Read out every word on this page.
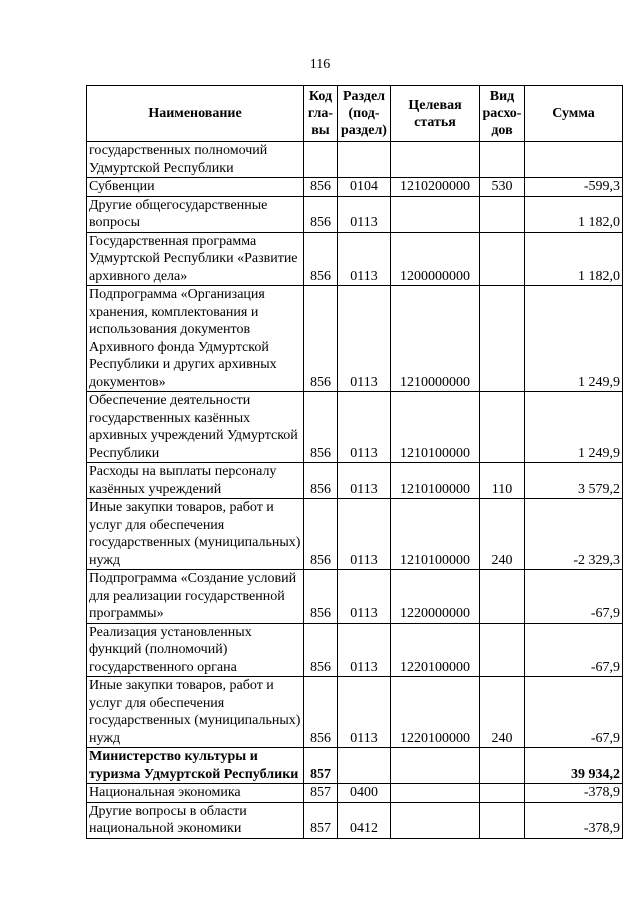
116
Наименование	Код гла- вы	Раздел (под- раздел)	Целевая статья	Вид расхо- дов	Сумма
государственных полномочий Удмуртской Республики					
Субвенции	856	0104	1210200000	530	-599,3
Другие общегосударственные вопросы	856	0113			1 182,0
Государственная программа Удмуртской Республики «Развитие архивного дела»	856	0113	1200000000		1 182,0
Подпрограмма «Организация хранения, комплектования и использования документов Архивного фонда Удмуртской Республики и других архивных документов»	856	0113	1210000000		1 249,9
Обеспечение деятельности государственных казённых архивных учреждений Удмуртской Республики	856	0113	1210100000		1 249,9
Расходы на выплаты персоналу казённых учреждений	856	0113	1210100000	110	3 579,2
Иные закупки товаров, работ и услуг для обеспечения государственных (муниципальных) нужд	856	0113	1210100000	240	-2 329,3
Подпрограмма «Создание условий для реализации государственной программы»	856	0113	1220000000		-67,9
Реализация установленных функций (полномочий) государственного органа	856	0113	1220100000		-67,9
Иные закупки товаров, работ и услуг для обеспечения государственных (муниципальных) нужд	856	0113	1220100000	240	-67,9
Министерство культуры и туризма Удмуртской Республики	857				39 934,2
Национальная экономика	857	0400			-378,9
Другие вопросы в области национальной экономики	857	0412			-378,9
